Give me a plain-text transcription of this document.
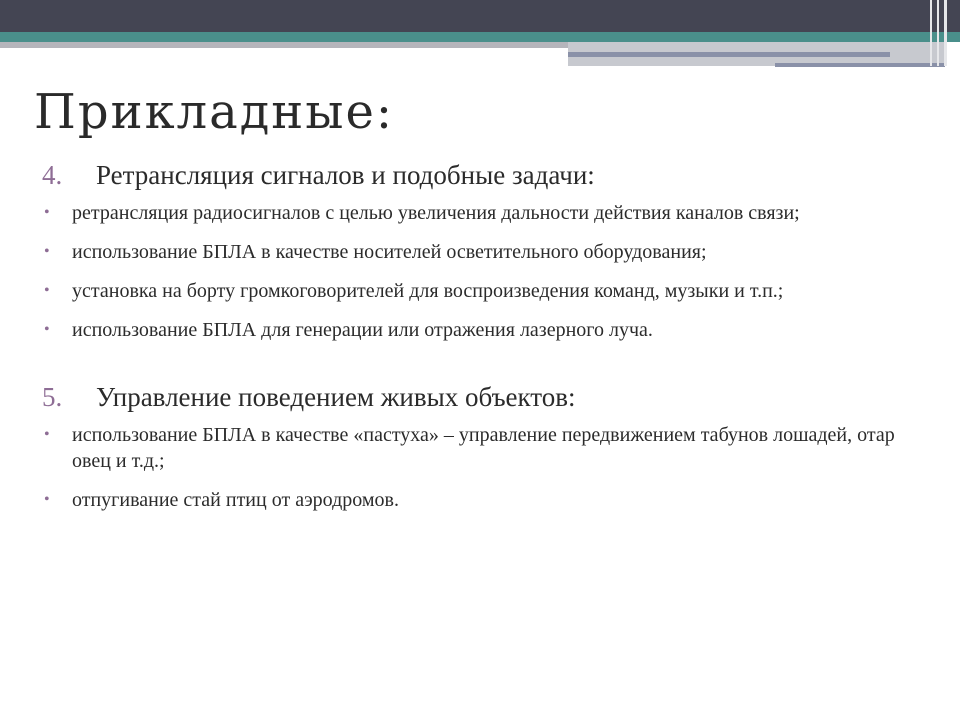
Прикладные:
4.	Ретрансляция сигналов и подобные задачи:
• ретрансляция радиосигналов с целью увеличения дальности действия каналов связи;
• использование БПЛА в качестве носителей осветительного оборудования;
• установка на борту громкоговорителей для воспроизведения команд, музыки и т.п.;
• использование БПЛА для генерации или отражения лазерного луча.
5.	Управление поведением живых объектов:
• использование БПЛА в качестве «пастуха» – управление передвижением табунов лошадей, отар овец и т.д.;
• отпугивание стай птиц от аэродромов.
